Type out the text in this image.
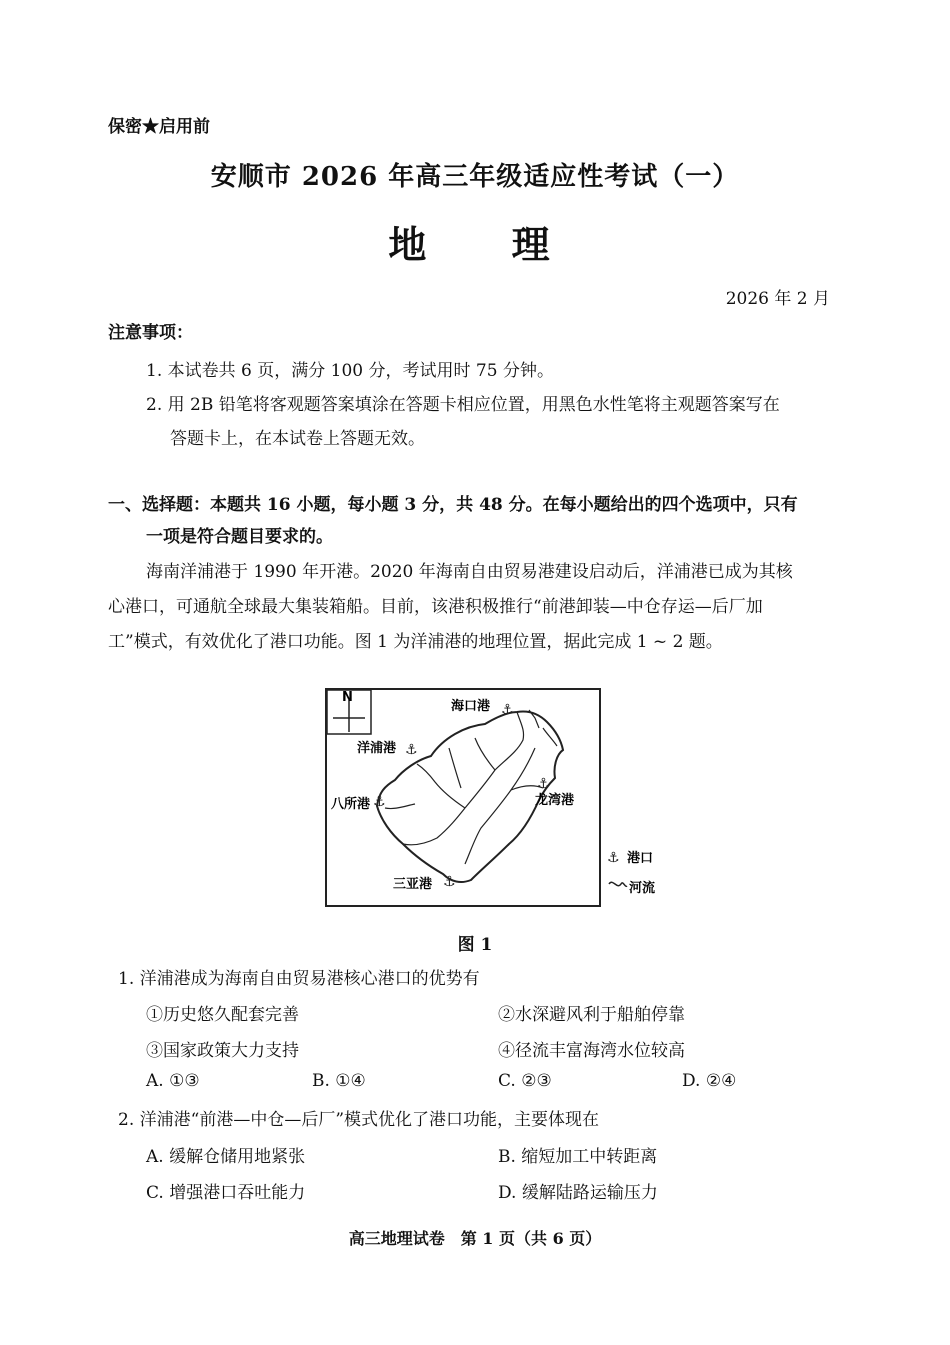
保密★启用前
安顺市 2026 年高三年级适应性考试（一）
地 理
2026 年 2 月
注意事项：
1. 本试卷共 6 页，满分 100 分，考试用时 75 分钟。
2. 用 2B 铅笔将客观题答案填涂在答题卡相应位置，用黑色水性笔将主观题答案写在
答题卡上，在本试卷上答题无效。
一、选择题：本题共 16 小题，每小题 3 分，共 48 分。在每小题给出的四个选项中，只有
一项是符合题目要求的。
海南洋浦港于 1990 年开港。2020 年海南自由贸易港建设启动后，洋浦港已成为其核
心港口，可通航全球最大集装箱船。目前，该港积极推行“前港卸装—中仓存运—后厂加
工”模式，有效优化了港口功能。图 1 为洋浦港的地理位置，据此完成 1 ~ 2 题。
N
⚓
⚓
⚓
⚓
⚓
海口港
洋浦港
八所港	龙湾港
三亚港
⚓ 港口
河流
图 1
1. 洋浦港成为海南自由贸易港核心港口的优势有
①历史悠久配套完善	②水深避风利于船舶停靠
③国家政策大力支持	④径流丰富海湾水位较高
A. ①③	B. ①④	C. ②③	D. ②④
2. 洋浦港“前港—中仓—后厂”模式优化了港口功能，主要体现在
A. 缓解仓储用地紧张	B. 缩短加工中转距离
C. 增强港口吞吐能力	D. 缓解陆路运输压力
高三地理试卷　第 1 页（共 6 页）
